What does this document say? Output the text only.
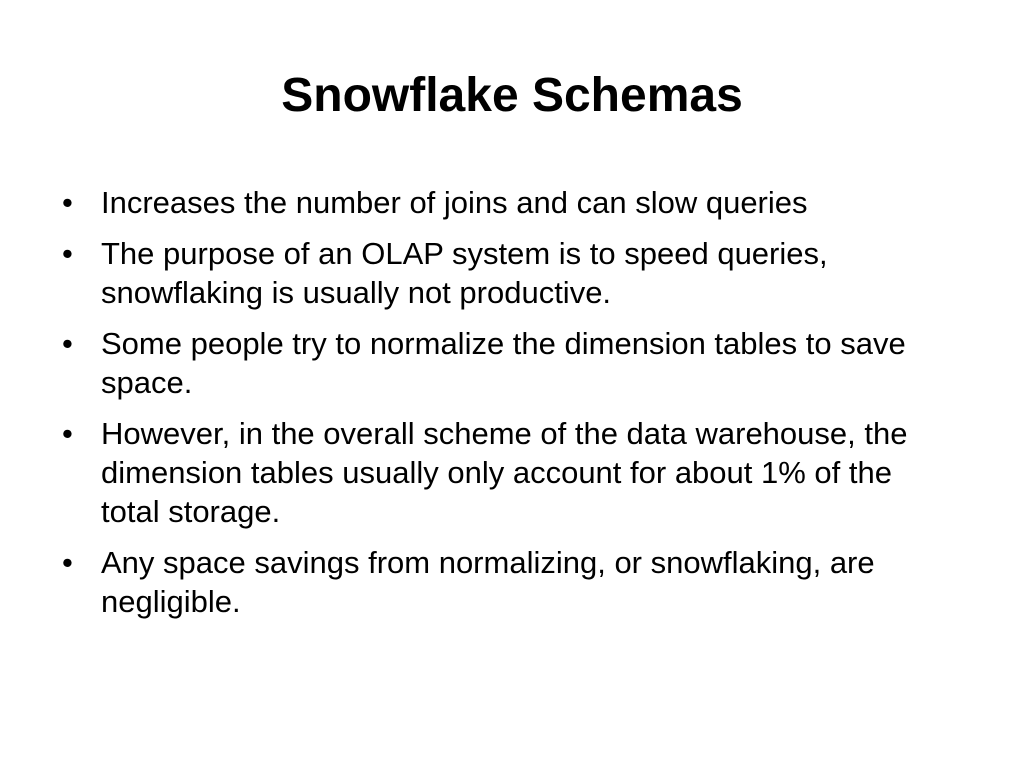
Snowflake Schemas
• Increases the number of joins and can slow queries
• The purpose of an OLAP system is to speed queries, snowflaking is usually not productive.
• Some people try to normalize the dimension tables to save space.
• However, in the overall scheme of the data warehouse, the dimension tables usually only account for about 1% of the total storage.
• Any space savings from normalizing, or snowflaking, are negligible.
